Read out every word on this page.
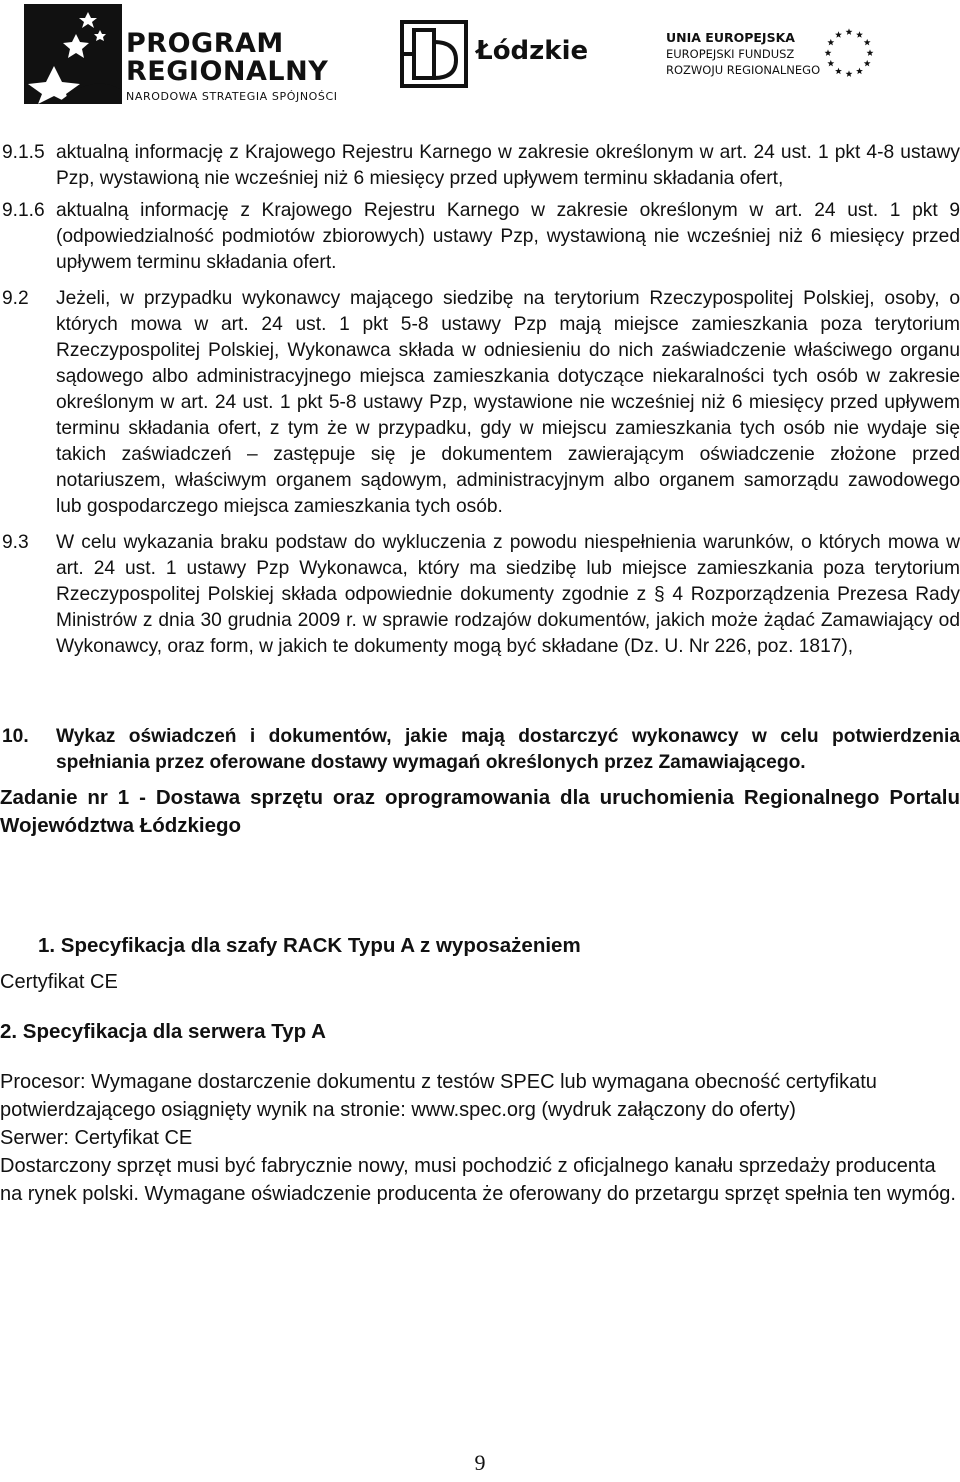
PROGRAM
REGIONALNY
NARODOWA STRATEGIA SPÓJNOŚCI
Łódzkie	UNIA EUROPEJSKA
EUROPEJSKI FUNDUSZ
ROZWOJU REGIONALNEGO
9.1.5 aktualną informację z Krajowego Rejestru Karnego w zakresie określonym w art. 24 ust. 1 pkt 4-8 ustawy Pzp, wystawioną nie wcześniej niż 6 miesięcy przed upływem terminu składania ofert,
9.1.6 aktualną informację z Krajowego Rejestru Karnego w zakresie określonym w art. 24 ust. 1 pkt 9 (odpowiedzialność podmiotów zbiorowych) ustawy Pzp, wystawioną nie wcześniej niż 6 miesięcy przed upływem terminu składania ofert.
9.2 Jeżeli, w przypadku wykonawcy mającego siedzibę na terytorium Rzeczypospolitej Polskiej, osoby, o których mowa w art. 24 ust. 1 pkt 5-8 ustawy Pzp mają miejsce zamieszkania poza terytorium Rzeczypospolitej Polskiej, Wykonawca składa w odniesieniu do nich zaświadczenie właściwego organu sądowego albo administracyjnego miejsca zamieszkania dotyczące niekaralności tych osób w zakresie określonym w art. 24 ust. 1 pkt 5-8 ustawy Pzp, wystawione nie wcześniej niż 6 miesięcy przed upływem terminu składania ofert, z tym że w przypadku, gdy w miejscu zamieszkania tych osób nie wydaje się takich zaświadczeń – zastępuje się je dokumentem zawierającym oświadczenie złożone przed notariuszem, właściwym organem sądowym, administracyjnym albo organem samorządu zawodowego lub gospodarczego miejsca zamieszkania tych osób.
9.3 W celu wykazania braku podstaw do wykluczenia z powodu niespełnienia warunków, o których mowa w art. 24 ust. 1 ustawy Pzp Wykonawca, który ma siedzibę lub miejsce zamieszkania poza terytorium Rzeczypospolitej Polskiej składa odpowiednie dokumenty zgodnie z § 4 Rozporządzenia Prezesa Rady Ministrów z dnia 30 grudnia 2009 r. w sprawie rodzajów dokumentów, jakich może żądać Zamawiający od Wykonawcy, oraz form, w jakich te dokumenty mogą być składane (Dz. U. Nr 226, poz. 1817),
10. Wykaz oświadczeń i dokumentów, jakie mają dostarczyć wykonawcy w celu potwierdzenia spełniania przez oferowane dostawy wymagań określonych przez Zamawiającego.
Zadanie nr 1 - Dostawa sprzętu oraz oprogramowania dla uruchomienia Regionalnego Portalu Województwa Łódzkiego
1. Specyfikacja dla szafy RACK Typu A z wyposażeniem
Certyfikat CE
2. Specyfikacja dla serwera Typ A
Procesor: Wymagane dostarczenie dokumentu z testów SPEC lub wymagana obecność certyfikatu potwierdzającego osiągnięty wynik na stronie: www.spec.org (wydruk załączony do oferty)
Serwer: Certyfikat CE
Dostarczony sprzęt musi być fabrycznie nowy, musi pochodzić z oficjalnego kanału sprzedaży producenta na rynek polski. Wymagane oświadczenie producenta że oferowany do przetargu sprzęt spełnia ten wymóg.
9
